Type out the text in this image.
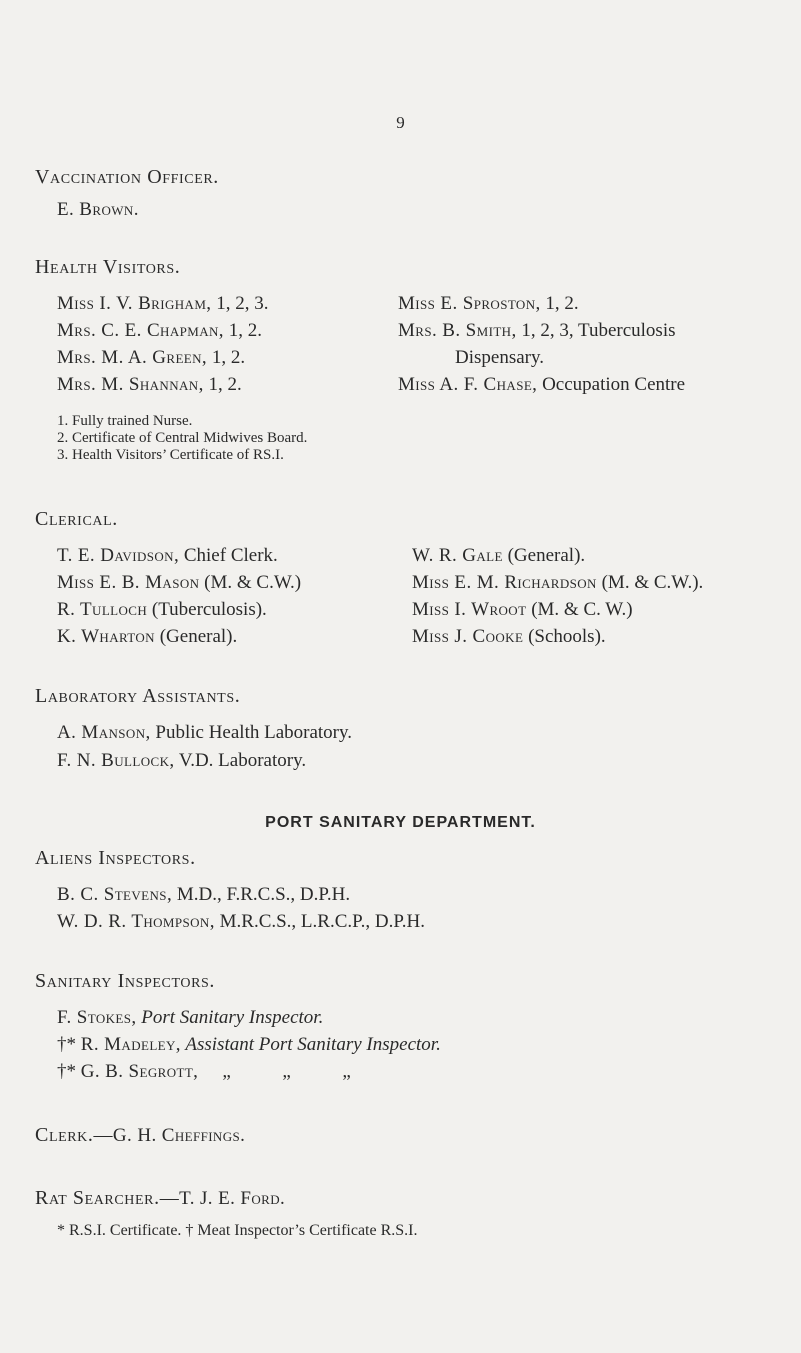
9
Vaccination Officer.
E. Brown.
Health Visitors.
Miss I. V. Brigham, 1, 2, 3.
Mrs. C. E. Chapman, 1, 2.
Mrs. M. A. Green, 1, 2.
Mrs. M. Shannan, 1, 2.
Miss E. Sproston, 1, 2.
Mrs. B. Smith, 1, 2, 3, Tuberculosis
Dispensary.
Miss A. F. Chase, Occupation Centre
1. Fully trained Nurse.
2. Certificate of Central Midwives Board.
3. Health Visitors’ Certificate of RS.I.
Clerical.
T. E. Davidson, Chief Clerk.
Miss E. B. Mason (M. & C.W.)
R. Tulloch (Tuberculosis).
K. Wharton (General).
W. R. Gale (General).
Miss E. M. Richardson (M. & C.W.).
Miss I. Wroot (M. & C. W.)
Miss J. Cooke (Schools).
Laboratory Assistants.
A. Manson, Public Health Laboratory.
F. N. Bullock, V.D. Laboratory.
PORT SANITARY DEPARTMENT.
Aliens Inspectors.
B. C. Stevens, M.D., F.R.C.S., D.P.H.
W. D. R. Thompson, M.R.C.S., L.R.C.P., D.P.H.
Sanitary Inspectors.
F. Stokes, Port Sanitary Inspector.
†* R. Madeley, Assistant Port Sanitary Inspector.
†* G. B. Segrott, „	„	„
Clerk.—G. H. Cheffings.
Rat Searcher.—T. J. E. Ford.
* R.S.I. Certificate. † Meat Inspector’s Certificate R.S.I.
